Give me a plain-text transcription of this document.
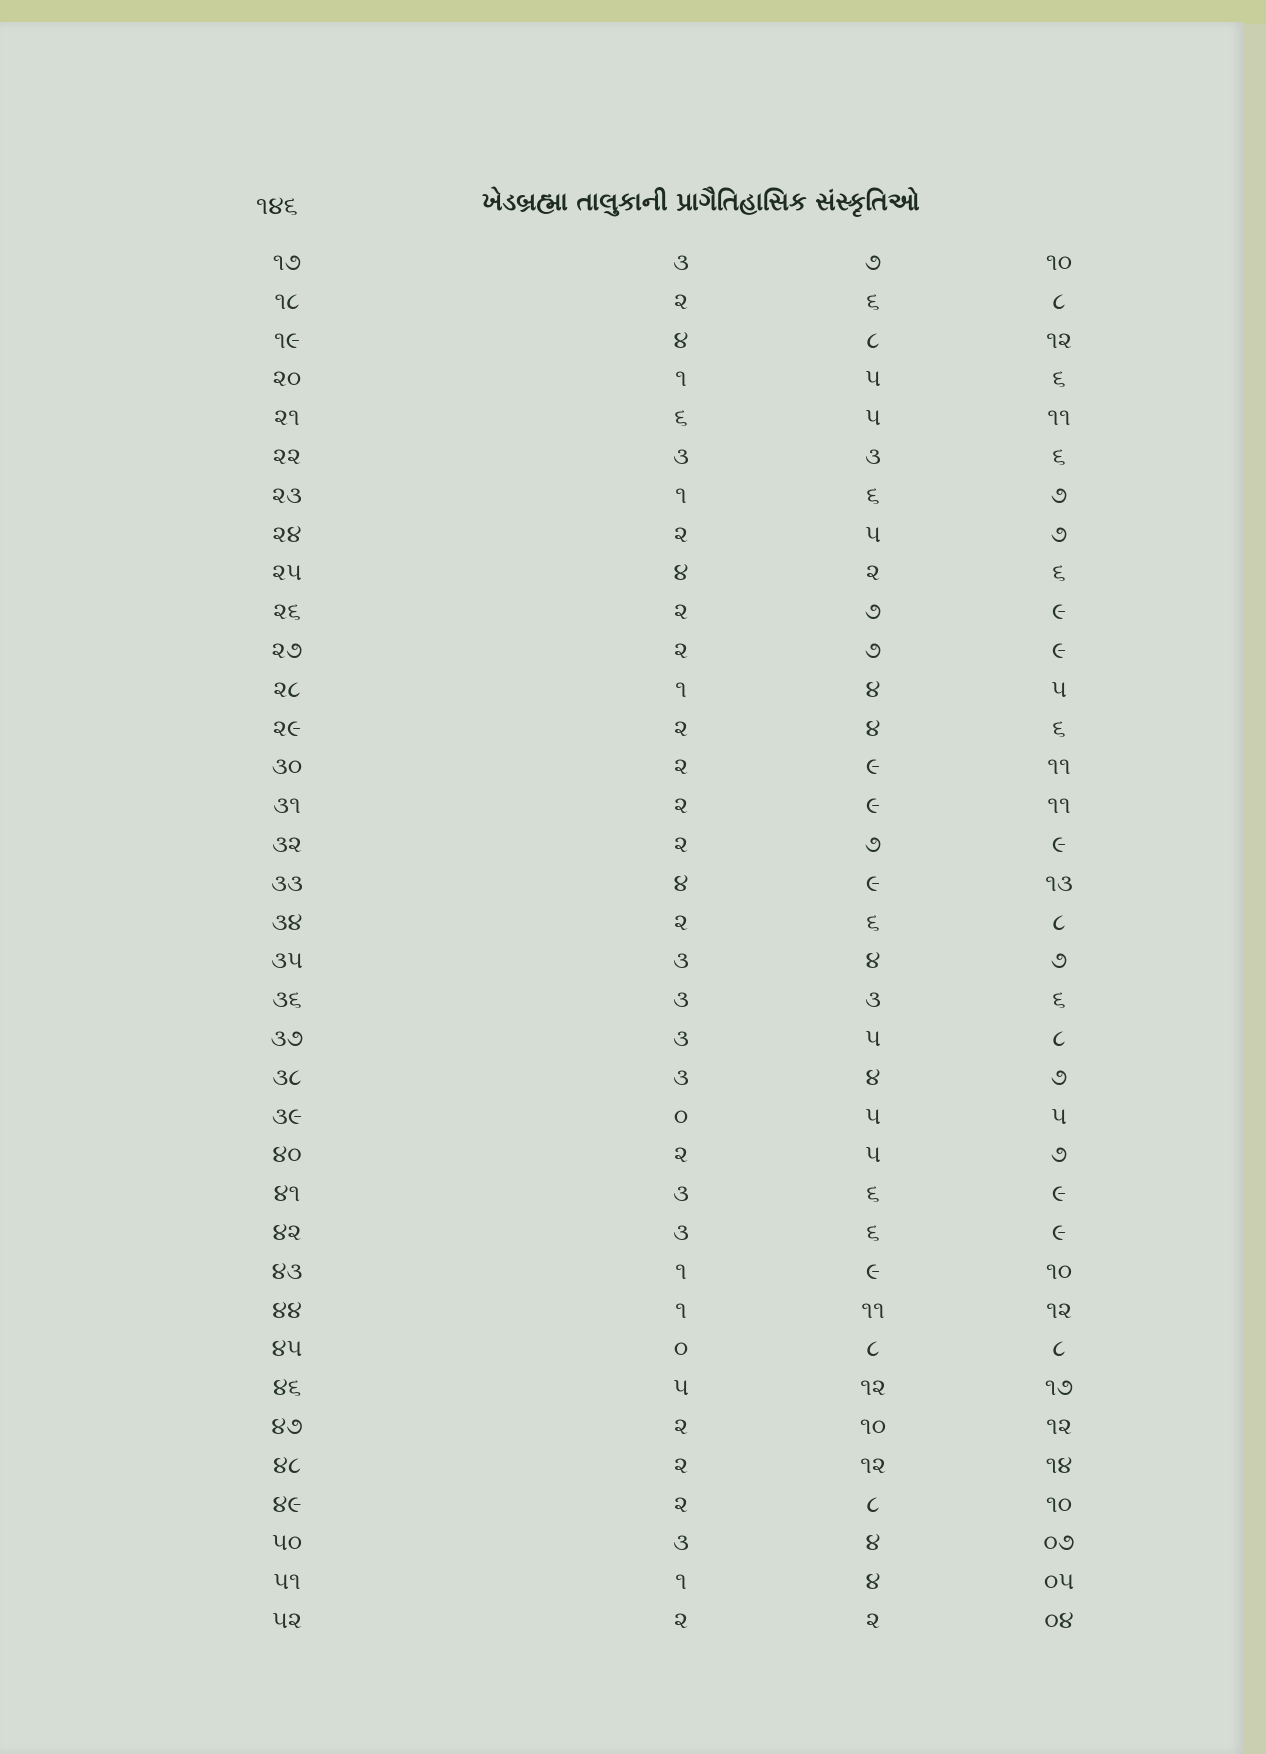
૧૪૬	ખેડબ્રહ્મા તાલુકાની પ્રાગૈતિહાસિક સંસ્કૃતિઓ
૧૭	૩	૭	૧૦
૧૮	૨	૬	૮
૧૯	૪	૮	૧૨
૨૦	૧	૫	૬
૨૧	૬	૫	૧૧
૨૨	૩	૩	૬
૨૩	૧	૬	૭
૨૪	૨	૫	૭
૨૫	૪	૨	૬
૨૬	૨	૭	૯
૨૭	૨	૭	૯
૨૮	૧	૪	૫
૨૯	૨	૪	૬
૩૦	૨	૯	૧૧
૩૧	૨	૯	૧૧
૩૨	૨	૭	૯
૩૩	૪	૯	૧૩
૩૪	૨	૬	૮
૩૫	૩	૪	૭
૩૬	૩	૩	૬
૩૭	૩	૫	૮
૩૮	૩	૪	૭
૩૯	૦	૫	૫
૪૦	૨	૫	૭
૪૧	૩	૬	૯
૪૨	૩	૬	૯
૪૩	૧	૯	૧૦
૪૪	૧	૧૧	૧૨
૪૫	૦	૮	૮
૪૬	૫	૧૨	૧૭
૪૭	૨	૧૦	૧૨
૪૮	૨	૧૨	૧૪
૪૯	૨	૮	૧૦
૫૦	૩	૪	૦૭
૫૧	૧	૪	૦૫
૫૨	૨	૨	૦૪
